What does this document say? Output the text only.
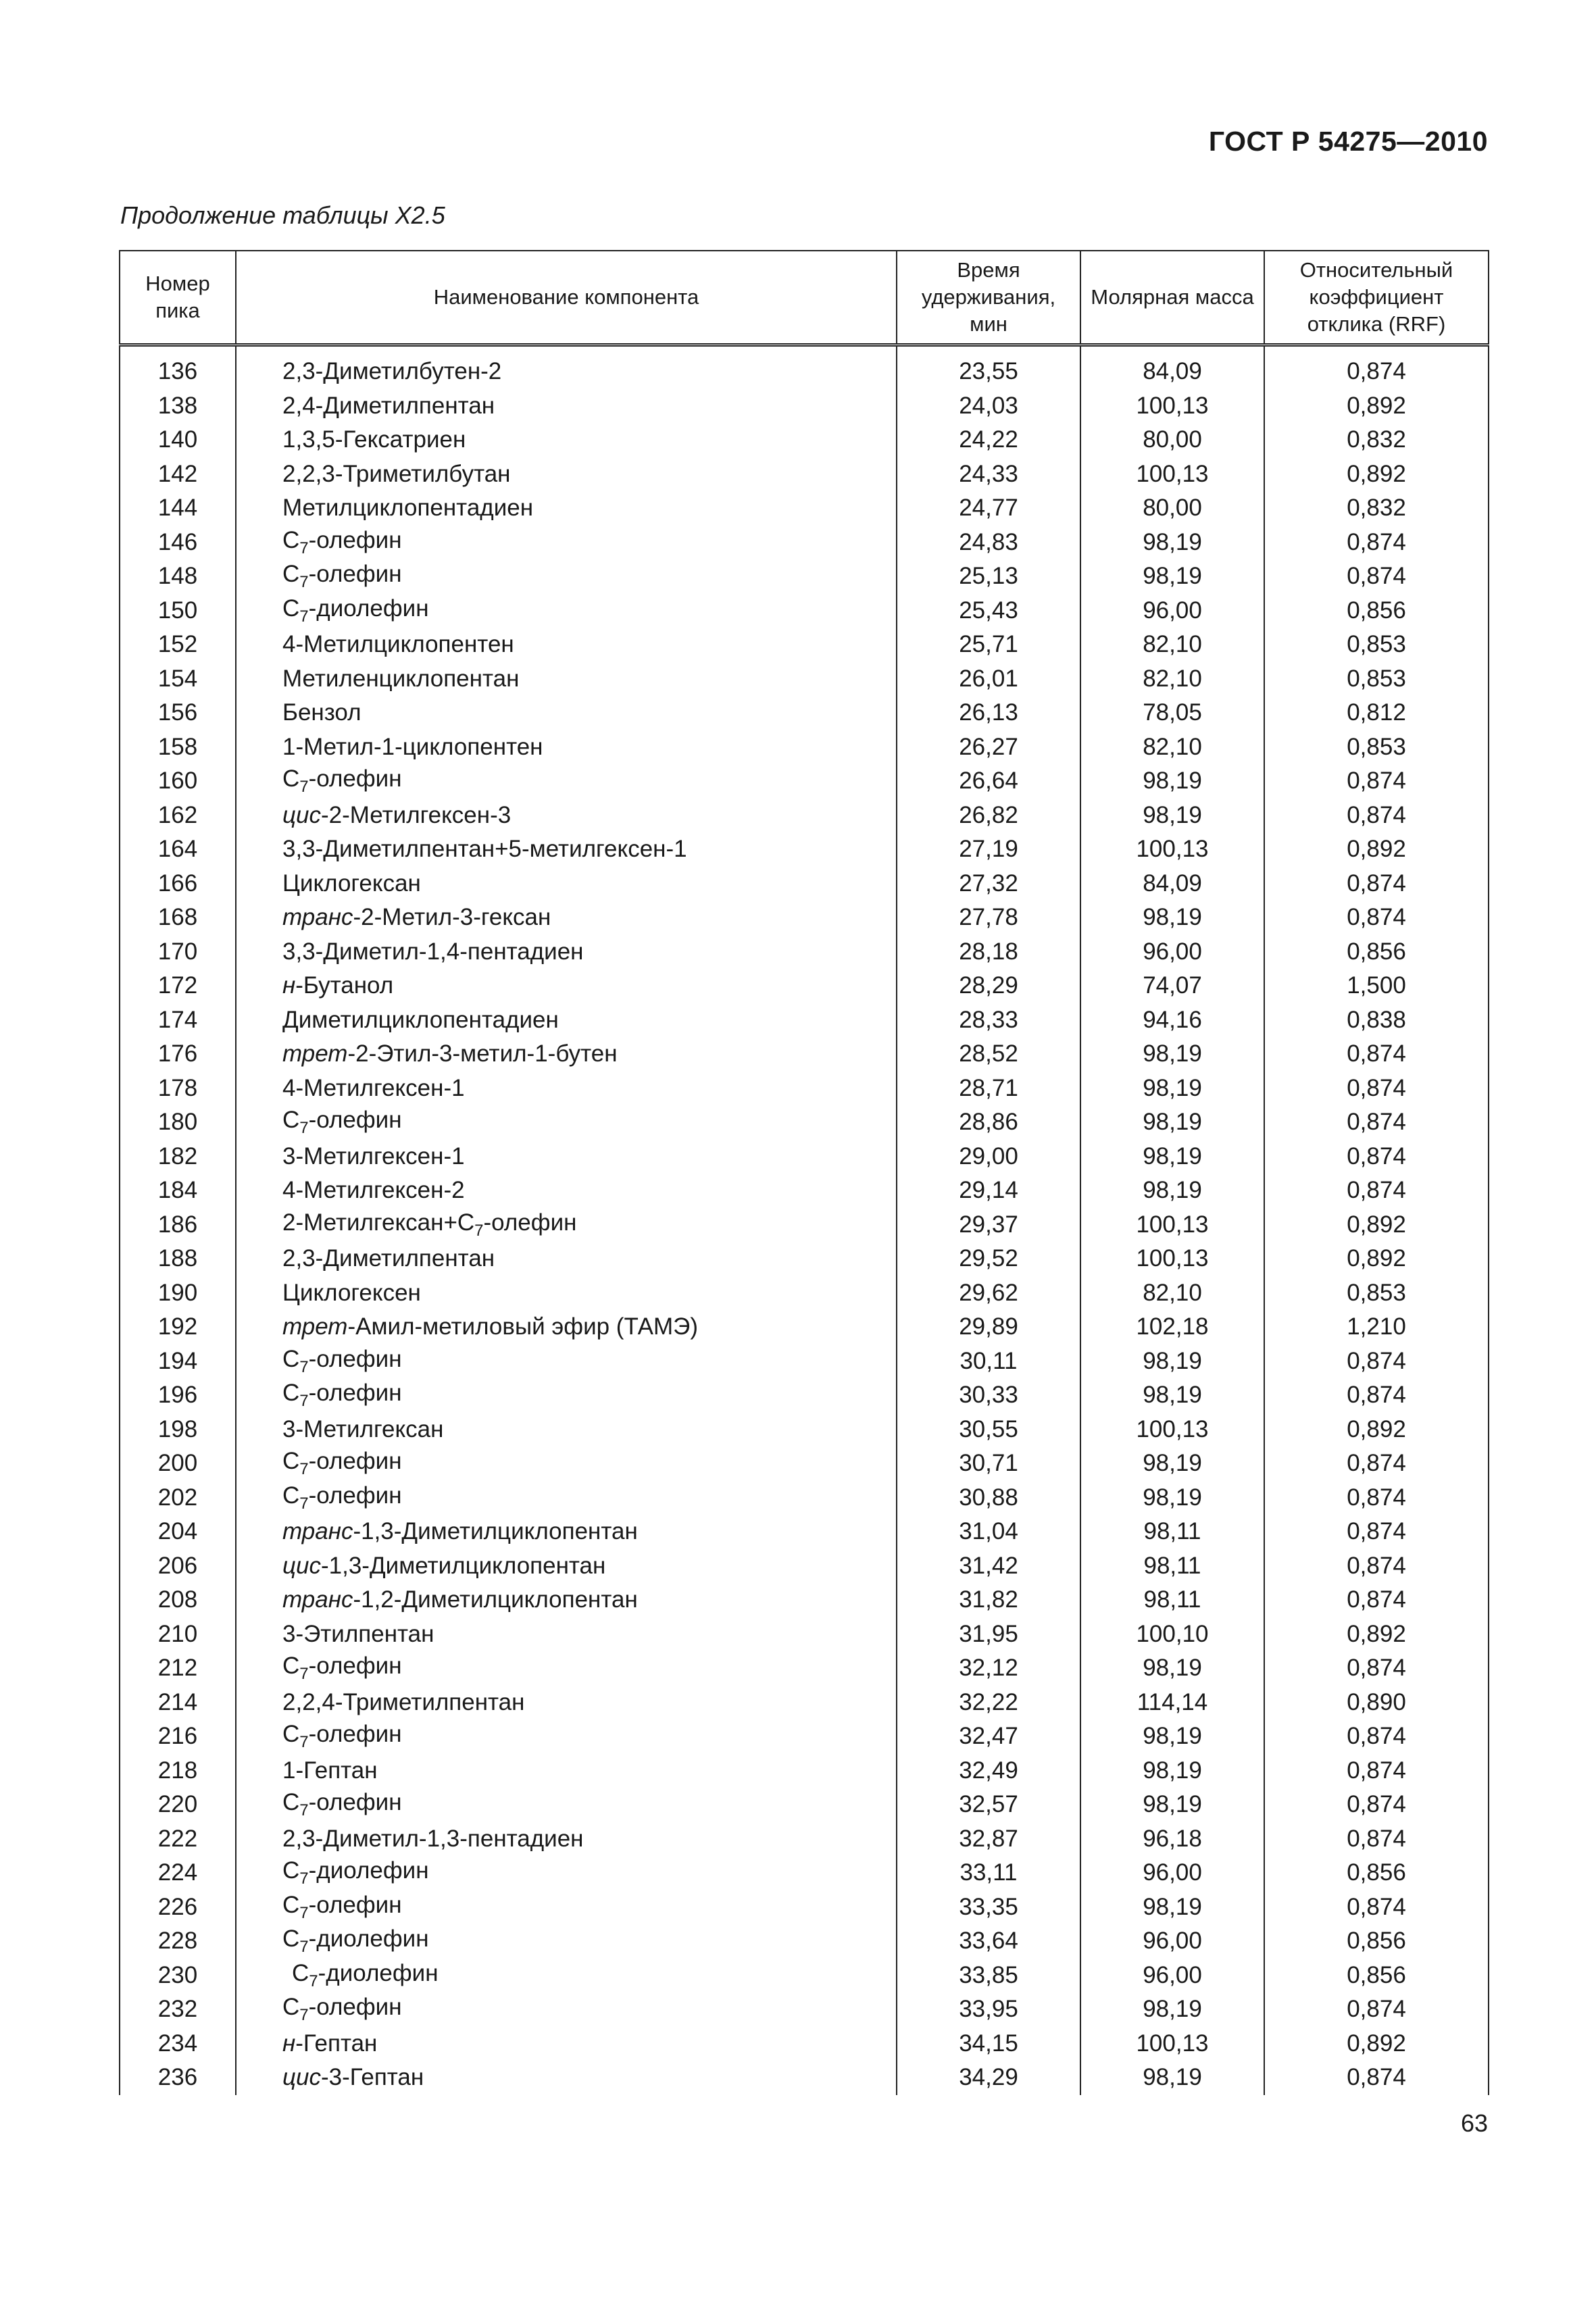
ГОСТ Р 54275—2010
Продолжение таблицы X2.5
Номер пика	Наименование компонента	Время удерживания, мин	Молярная масса	Относительный коэффициент отклика (RRF)
136	2,3-Диметилбутен-2	23,55	84,09	0,874
138	2,4-Диметилпентан	24,03	100,13	0,892
140	1,3,5-Гексатриен	24,22	80,00	0,832
142	2,2,3-Триметилбутан	24,33	100,13	0,892
144	Метилциклопентадиен	24,77	80,00	0,832
146	$С_7$-олефин	24,83	98,19	0,874
148	$С_7$-олефин	25,13	98,19	0,874
150	$С_7$-диолефин	25,43	96,00	0,856
152	4-Метилциклопентен	25,71	82,10	0,853
154	Метиленциклопентан	26,01	82,10	0,853
156	Бензол	26,13	78,05	0,812
158	1-Метил-1-циклопентен	26,27	82,10	0,853
160	$С_7$-олефин	26,64	98,19	0,874
162	цис-2-Метилгексен-3	26,82	98,19	0,874
164	3,3-Диметилпентан+5-метилгексен-1	27,19	100,13	0,892
166	Циклогексан	27,32	84,09	0,874
168	транс-2-Метил-3-гексан	27,78	98,19	0,874
170	3,3-Диметил-1,4-пентадиен	28,18	96,00	0,856
172	н-Бутанол	28,29	74,07	1,500
174	Диметилциклопентадиен	28,33	94,16	0,838
176	трет-2-Этил-3-метил-1-бутен	28,52	98,19	0,874
178	4-Метилгексен-1	28,71	98,19	0,874
180	$С_7$-олефин	28,86	98,19	0,874
182	3-Метилгексен-1	29,00	98,19	0,874
184	4-Метилгексен-2	29,14	98,19	0,874
186	$2-Метилгексан+С_7$-олефин	29,37	100,13	0,892
188	2,3-Диметилпентан	29,52	100,13	0,892
190	Циклогексен	29,62	82,10	0,853
192	трет-Амил-метиловый эфир (ТАМЭ)	29,89	102,18	1,210
194	$С_7$-олефин	30,11	98,19	0,874
196	$С_7$-олефин	30,33	98,19	0,874
198	3-Метилгексан	30,55	100,13	0,892
200	$С_7$-олефин	30,71	98,19	0,874
202	$С_7$-олефин	30,88	98,19	0,874
204	транс-1,3-Диметилциклопентан	31,04	98,11	0,874
206	цис-1,3-Диметилциклопентан	31,42	98,11	0,874
208	транс-1,2-Диметилциклопентан	31,82	98,11	0,874
210	3-Этилпентан	31,95	100,10	0,892
212	$С_7$-олефин	32,12	98,19	0,874
214	2,2,4-Триметилпентан	32,22	114,14	0,890
216	$С_7$-олефин	32,47	98,19	0,874
218	1-Гептан	32,49	98,19	0,874
220	$С_7$-олефин	32,57	98,19	0,874
222	2,3-Диметил-1,3-пентадиен	32,87	96,18	0,874
224	$С_7$-диолефин	33,11	96,00	0,856
226	$С_7$-олефин	33,35	98,19	0,874
228	$С_7$-диолефин	33,64	96,00	0,856
230	$С_7$-диолефин	33,85	96,00	0,856
232	$С_7$-олефин	33,95	98,19	0,874
234	н-Гептан	34,15	100,13	0,892
236	цис-3-Гептан	34,29	98,19	0,874
63
